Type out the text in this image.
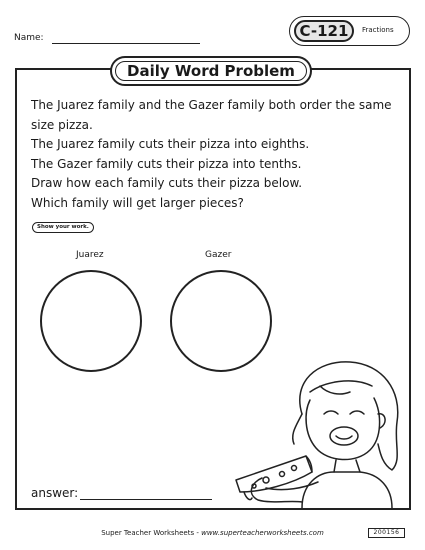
Name:	C-121	Fractions
Daily Word Problem

The Juarez family and the Gazer family both order the same

size pizza.

The Juarez family cuts their pizza into eighths.

The Gazer family cuts their pizza into tenths.

Draw how each family cuts their pizza below.

Which family will get larger pieces?

Show your work.
Juarez	Gazer
answer:
Super Teacher Worksheets - www.superteacherworksheets.com	200156
